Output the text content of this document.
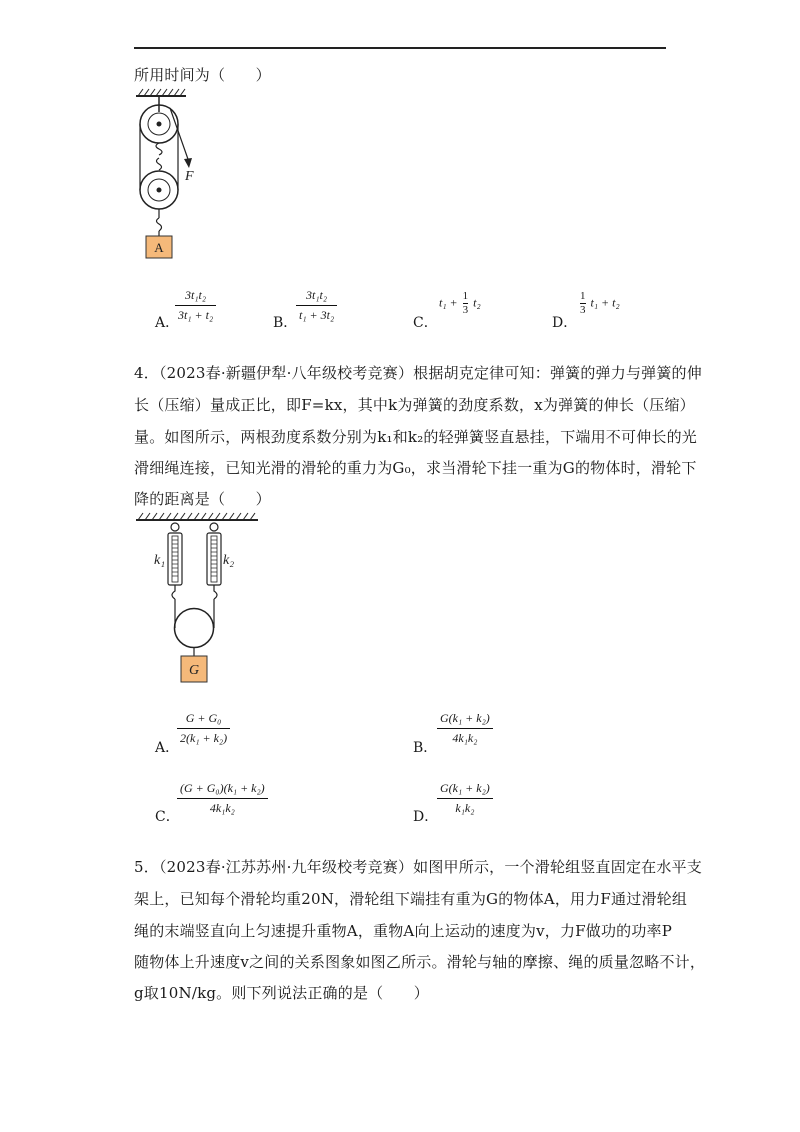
所用时间为（　　）
F
A
A．
$\frac{\text{3t₁t₂}}{\text{3t₁ + t₂}}$	B．
$\frac{\text{3t₁t₂}}{\text{t₁ + 3t₂}}$	C．
$t_1 + \frac{1}{3} t_2$
D．
$\frac{1}{3} t_1 + t_2$
4．（2023春·新疆伊犁·八年级校考竞赛）根据胡克定律可知：弹簧的弹力与弹簧的伸
长（压缩）量成正比，即F=kx，其中k为弹簧的劲度系数，x为弹簧的伸长（压缩）
量。如图所示，两根劲度系数分别为k₁和k₂的轻弹簧竖直悬挂，下端用不可伸长的光
滑细绳连接，已知光滑的滑轮的重力为G₀，求当滑轮下挂一重为G的物体时，滑轮下
降的距离是（　　）
k₁	k₂
G
A．
$\frac{\text{G + G₀}}{\text{2(k₁ + k₂)}}$
B．
$\frac{\text{G(k₁ + k₂)}}{\text{4k₁k₂}}$
C．
$\frac{\text{(G + G₀)(k₁ + k₂)}}{\text{4k₁k₂}}$
D．
$\frac{\text{G(k₁ + k₂)}}{\text{k₁k₂}}$
5．（2023春·江苏苏州·九年级校考竞赛）如图甲所示，一个滑轮组竖直固定在水平支
架上，已知每个滑轮均重20N，滑轮组下端挂有重为G的物体A，用力F通过滑轮组
绳的末端竖直向上匀速提升重物A，重物A向上运动的速度为v，力F做功的功率P
随物体上升速度v之间的关系图象如图乙所示。滑轮与轴的摩擦、绳的质量忽略不计，
g取10N/kg。则下列说法正确的是（　　）
